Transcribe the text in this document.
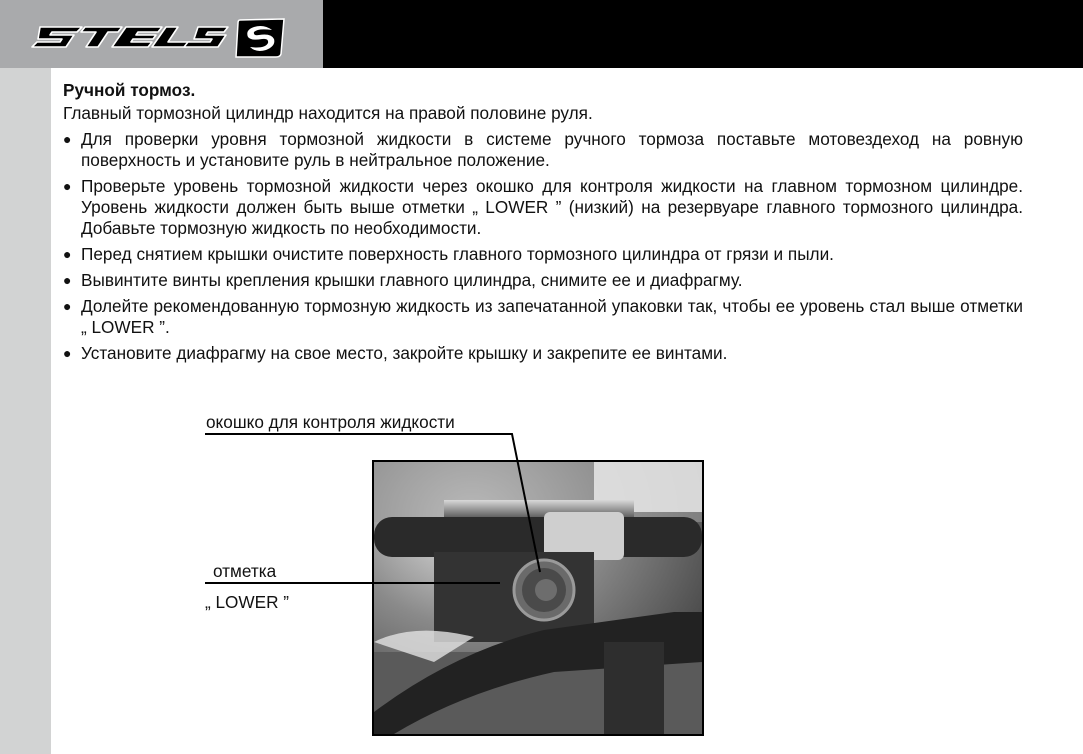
Ручной тормоз.
Главный тормозной цилиндр находится на правой половине руля.
● Для проверки уровня тормозной жидкости в системе ручного тормоза поставьте мотовездеход на ровную поверхность и установите руль в нейтральное положение.
● Проверьте уровень тормозной жидкости через окошко для контроля жидкости на главном тормозном цилиндре. Уровень жидкости должен быть выше отметки „ LOWER ” (низкий) на резервуаре главного тормозного цилиндра. Добавьте тормозную жидкость по необходимости.
● Перед снятием крышки очистите поверхность главного тормозного цилиндра от грязи и пыли.
● Вывинтите винты крепления крышки главного цилиндра, снимите ее и диафрагму.
● Долейте рекомендованную тормозную жидкость из запечатанной упаковки так, чтобы ее уровень стал выше отметки „ LOWER ”.
● Установите диафрагму на свое место, закройте крышку и закрепите ее винтами.
окошко для контроля жидкости
отметка
„ LOWER ”
